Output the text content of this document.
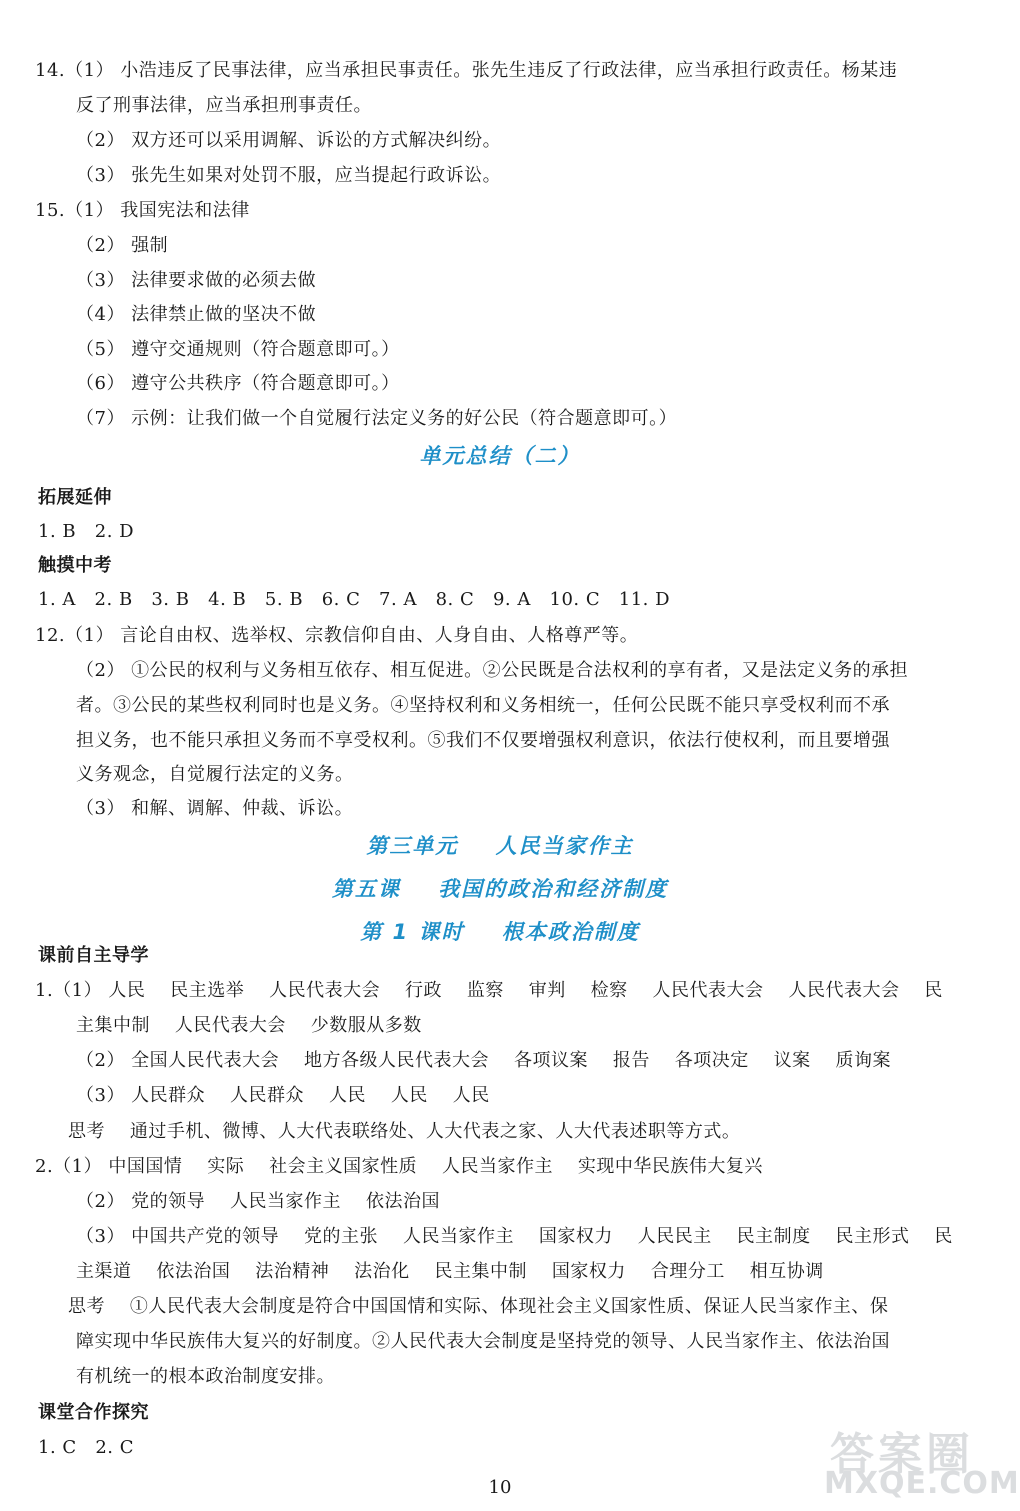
14.（1） 小浩违反了民事法律，应当承担民事责任。张先生违反了行政法律，应当承担行政责任。杨某违
反了刑事法律，应当承担刑事责任。
（2） 双方还可以采用调解、诉讼的方式解决纠纷。
（3） 张先生如果对处罚不服，应当提起行政诉讼。
15.（1） 我国宪法和法律
（2） 强制
（3） 法律要求做的必须去做
（4） 法律禁止做的坚决不做
（5） 遵守交通规则（符合题意即可。）
（6） 遵守公共秩序（符合题意即可。）
（7） 示例：让我们做一个自觉履行法定义务的好公民（符合题意即可。）
单元总结（二）
拓展延伸
1. B   2. D
触摸中考
1. A   2. B   3. B   4. B   5. B   6. C   7. A   8. C   9. A   10. C   11. D
12.（1） 言论自由权、选举权、宗教信仰自由、人身自由、人格尊严等。
（2） ①公民的权利与义务相互依存、相互促进。②公民既是合法权利的享有者，又是法定义务的承担
者。③公民的某些权利同时也是义务。④坚持权利和义务相统一，任何公民既不能只享受权利而不承
担义务，也不能只承担义务而不享受权利。⑤我们不仅要增强权利意识，依法行使权利，而且要增强
义务观念，自觉履行法定的义务。
（3） 和解、调解、仲裁、诉讼。
第三单元    人民当家作主
第五课    我国的政治和经济制度
第 1 课时    根本政治制度
课前自主导学
1.（1） 人民    民主选举    人民代表大会    行政    监察    审判    检察    人民代表大会    人民代表大会    民
主集中制    人民代表大会    少数服从多数
（2） 全国人民代表大会    地方各级人民代表大会    各项议案    报告    各项决定    议案    质询案
（3） 人民群众    人民群众    人民    人民    人民
思考    通过手机、微博、人大代表联络处、人大代表之家、人大代表述职等方式。
2.（1） 中国国情    实际    社会主义国家性质    人民当家作主    实现中华民族伟大复兴
（2） 党的领导    人民当家作主    依法治国
（3） 中国共产党的领导    党的主张    人民当家作主    国家权力    人民民主    民主制度    民主形式    民
主渠道    依法治国    法治精神    法治化    民主集中制    国家权力    合理分工    相互协调
思考    ①人民代表大会制度是符合中国国情和实际、体现社会主义国家性质、保证人民当家作主、保
障实现中华民族伟大复兴的好制度。②人民代表大会制度是坚持党的领导、人民当家作主、依法治国
有机统一的根本政治制度安排。
课堂合作探究
1. C   2. C
10
答案圈
MXQE.COM
